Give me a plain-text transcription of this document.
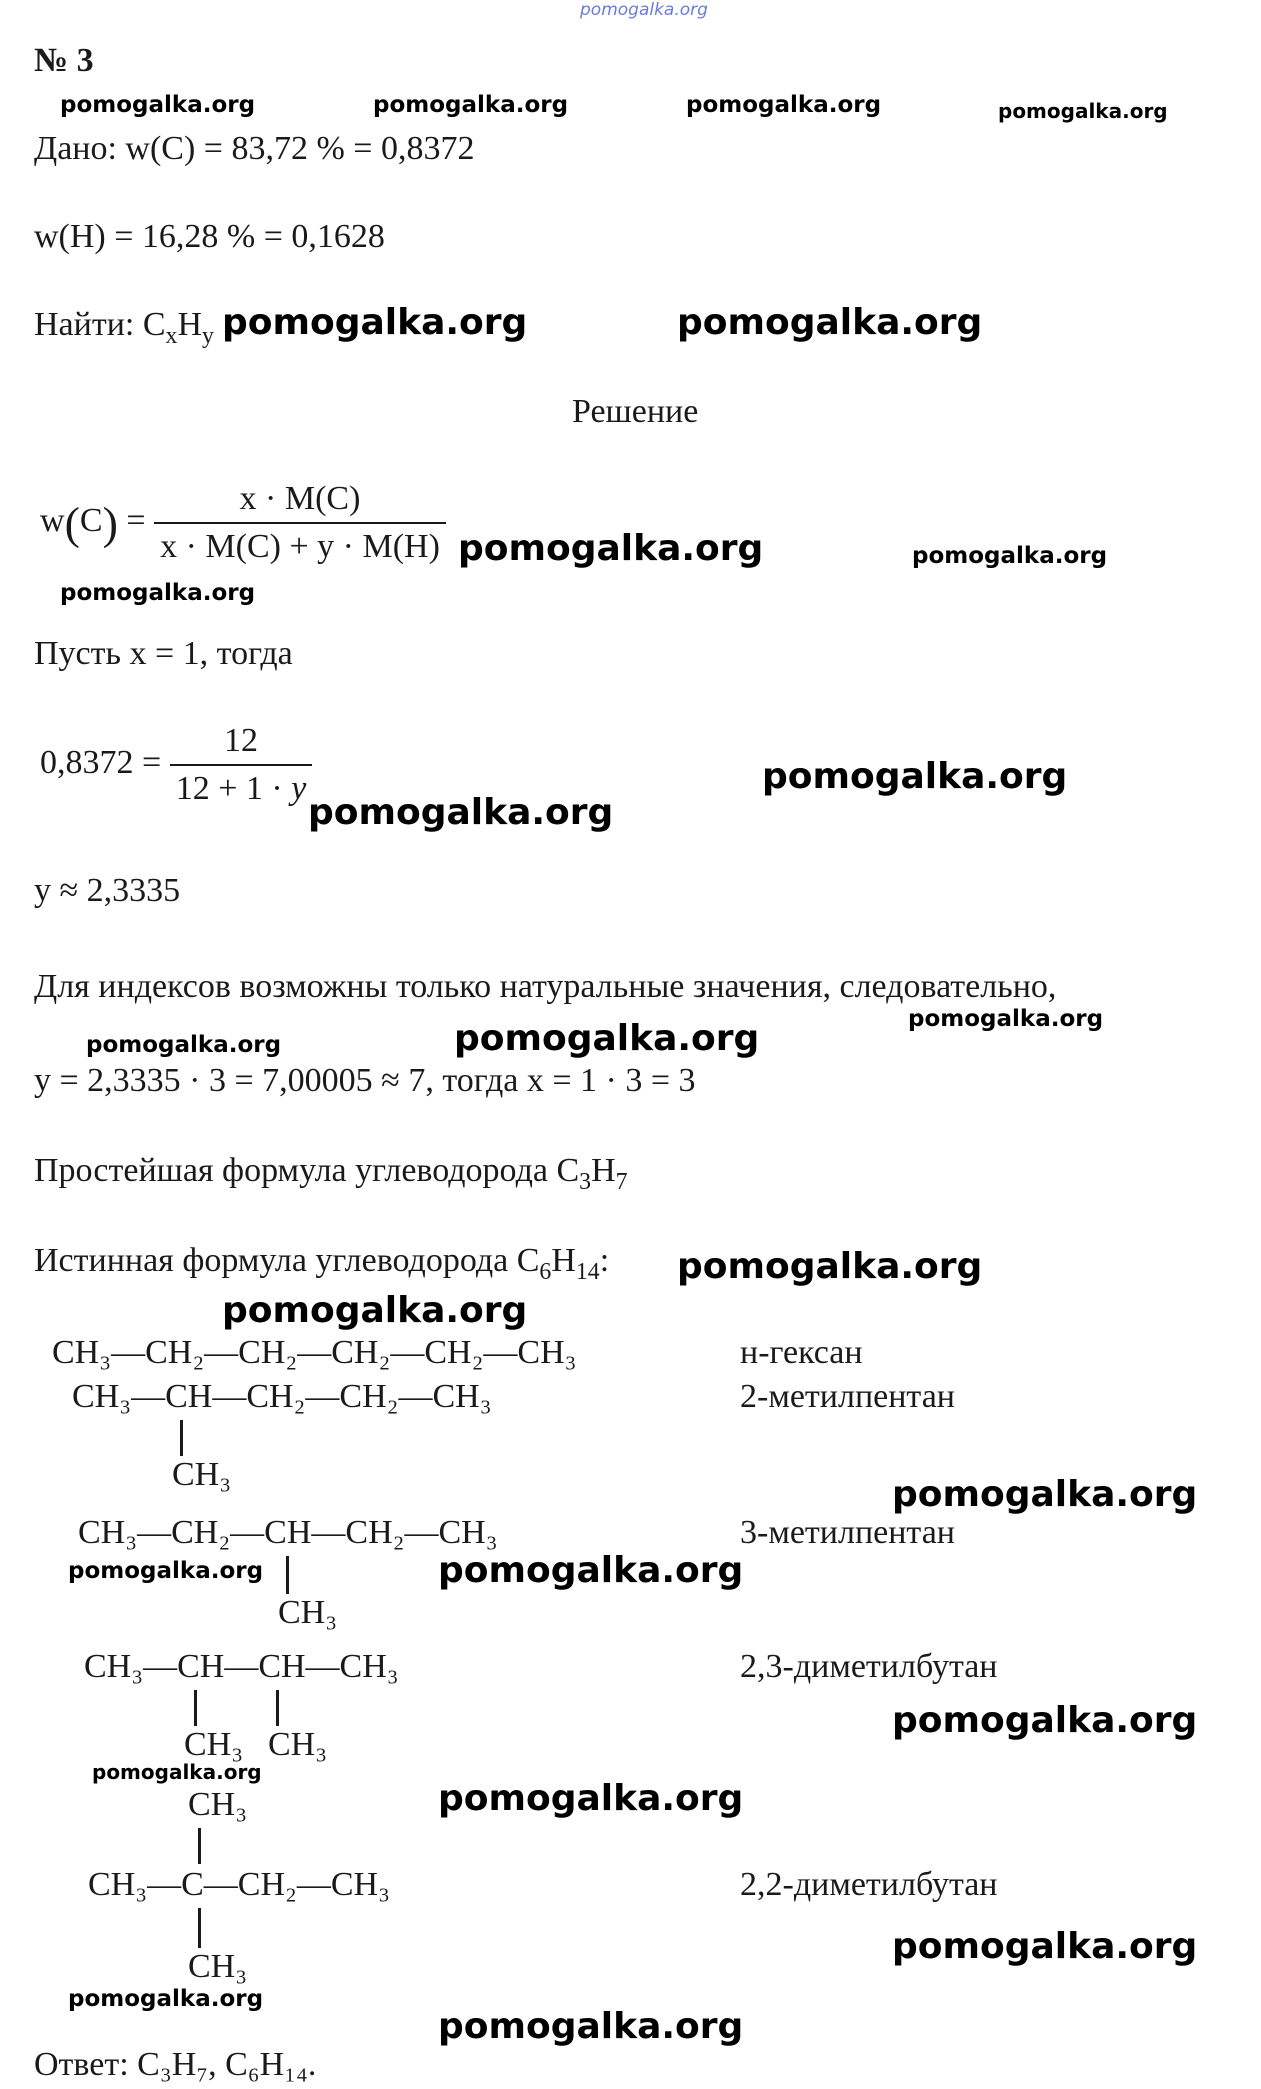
pomogalka.org
№ 3
pomogalka.org	pomogalka.org	pomogalka.org	pomogalka.org
Дано: w(C) = 83,72 % = 0,8372
w(H) = 16,28 % = 0,1628
Найти: $C_xH_y$ pomogalka.org	pomogalka.org
Решение
$w(C) = \frac{x \cdot M(C)}{x \cdot M(C) + y \cdot M(H)}$ pomogalka.org	pomogalka.org
pomogalka.org
Пусть x = 1, тогда
$0,8372 = \frac{12}{12 + 1 \cdot y}$	pomogalka.org
pomogalka.org
y ≈ 2,3335
Для индексов возможны только натуральные значения, следовательно,
pomogalka.org	pomogalka.org	pomogalka.org
y = 2,3335 · 3 = 7,00005 ≈ 7, тогда x = 1 · 3 = 3
Простейшая формула углеводорода $C_3H_7$
Истинная формула углеводорода $C_6H_{14}$: pomogalka.org
pomogalka.org
CH₃—CH₂—CH₂—CH₂—CH₂—CH₃	н-гексан
CH₃—CH—CH₂—CH₂—CH₃
CH₃
2-метилпентан
pomogalka.org
CH₃—CH₂—CH—CH₂—CH₃
CH₃
3-метилпентан
pomogalka.org	pomogalka.org
CH₃—CH—CH—CH₃
CH₃ CH₃
2,3-диметилбутан
pomogalka.org
pomogalka.org
CH₃	pomogalka.org
CH₃—C—CH₂—CH₃
CH₃
2,2-диметилбутан
pomogalka.org
pomogalka.org
pomogalka.org
Ответ: C₃H₇, C₆H₁₄.
